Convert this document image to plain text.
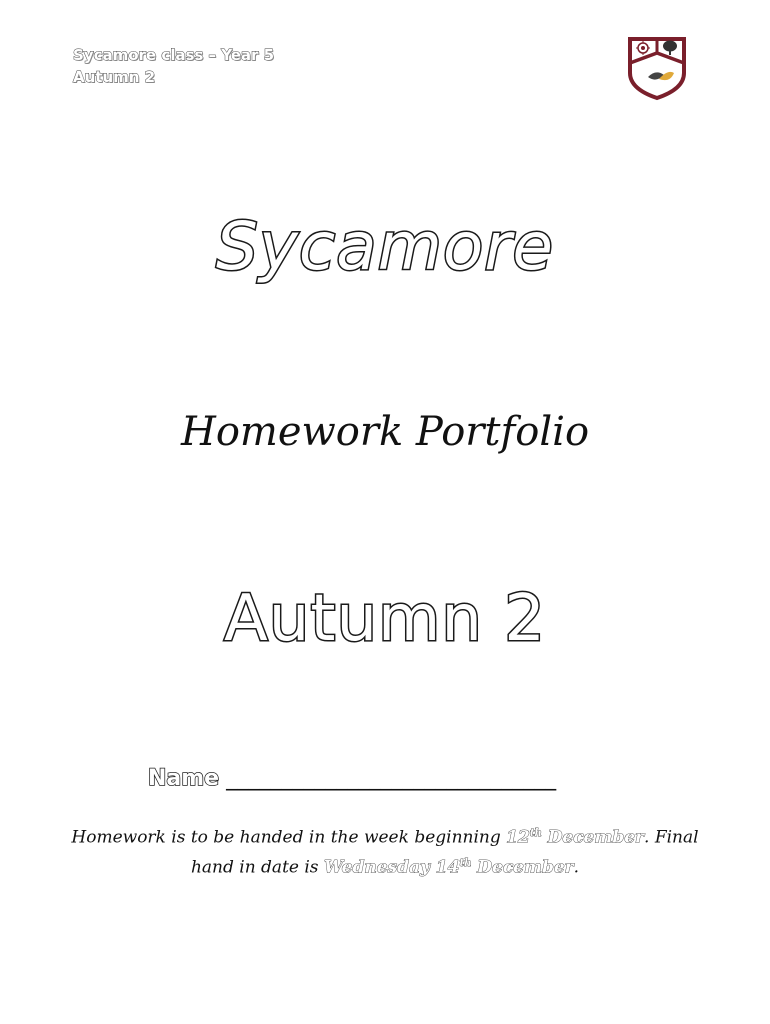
Sycamore class – Year 5
Autumn 2
Sycamore
Homework Portfolio
Autumn 2
Name ______________________________
Homework is to be handed in the week beginning 12th December. Final hand in date is Wednesday 14th December.
